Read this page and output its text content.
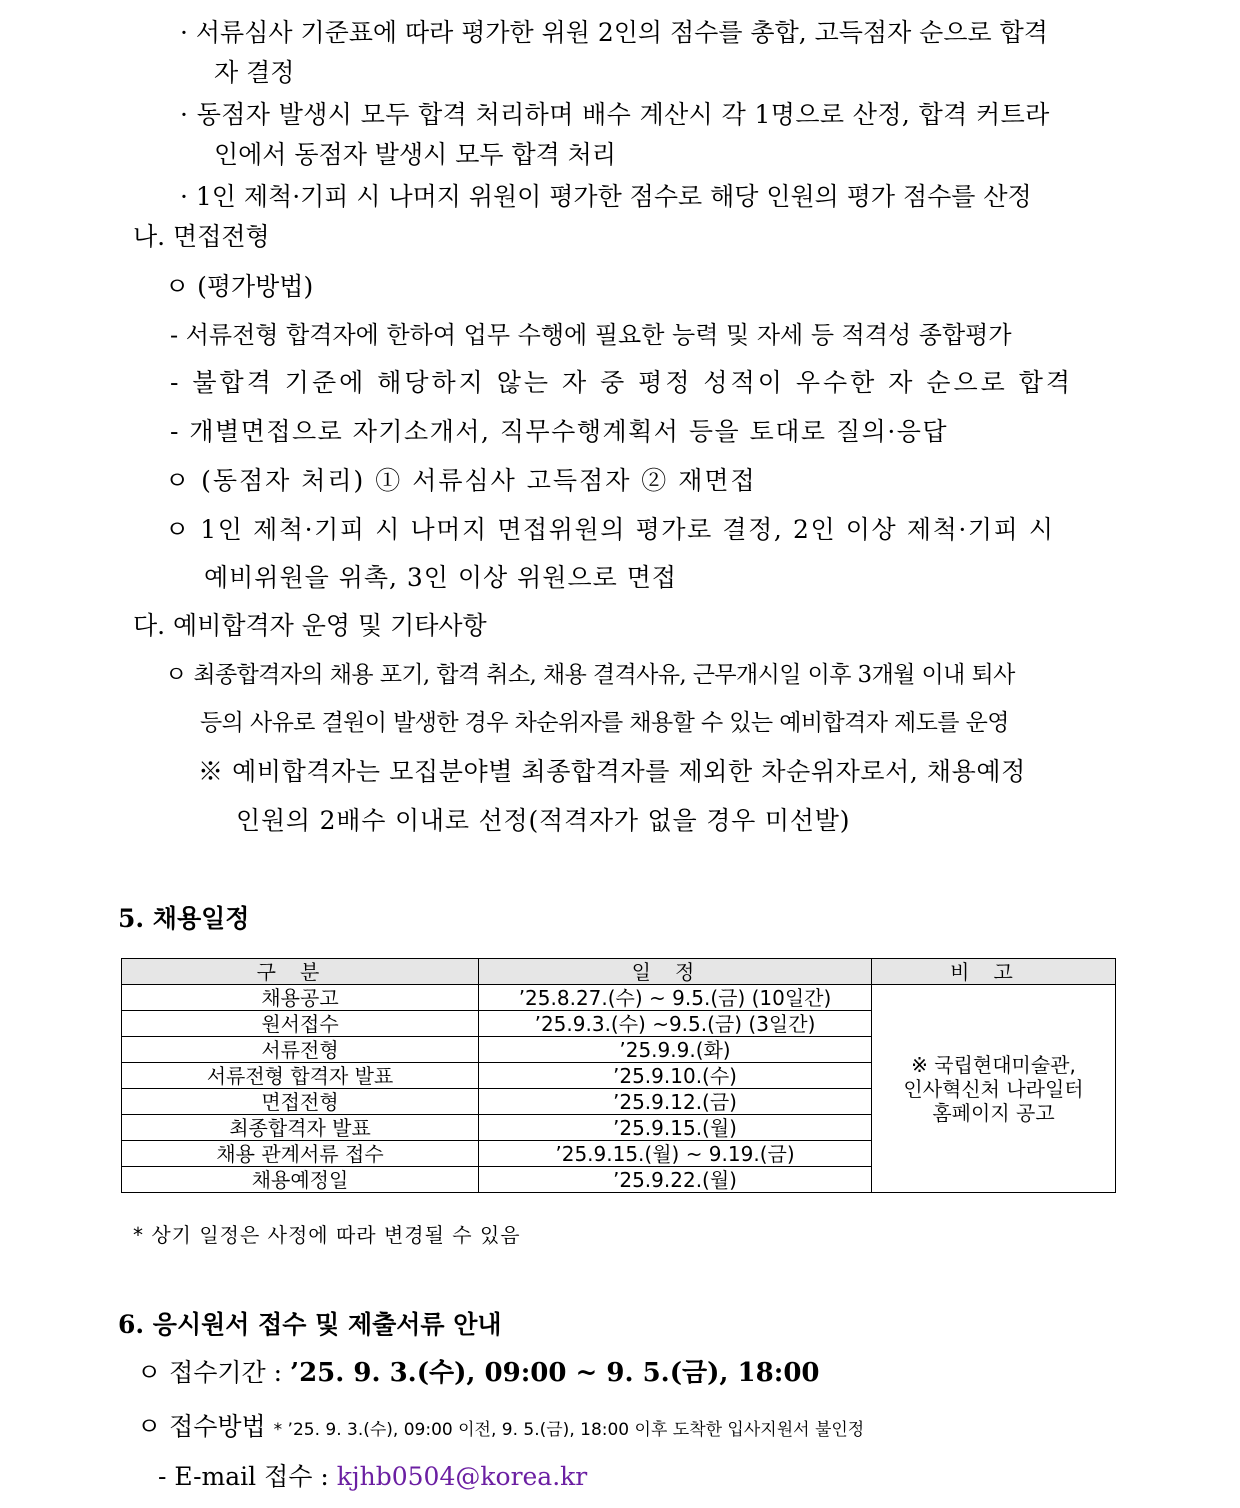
· 서류심사 기준표에 따라 평가한 위원 2인의 점수를 총합, 고득점자 순으로 합격
자 결정
· 동점자 발생시 모두 합격 처리하며 배수 계산시 각 1명으로 산정, 합격 커트라
인에서 동점자 발생시 모두 합격 처리
· 1인 제척·기피 시 나머지 위원이 평가한 점수로 해당 인원의 평가 점수를 산정
나. 면접전형
ㅇ (평가방법)
- 서류전형 합격자에 한하여 업무 수행에 필요한 능력 및 자세 등 적격성 종합평가
- 불합격 기준에 해당하지 않는 자 중 평정 성적이 우수한 자 순으로 합격
- 개별면접으로 자기소개서, 직무수행계획서 등을 토대로 질의·응답
ㅇ (동점자 처리) ① 서류심사 고득점자 ② 재면접
ㅇ 1인 제척·기피 시 나머지 면접위원의 평가로 결정, 2인 이상 제척·기피 시
예비위원을 위촉, 3인 이상 위원으로 면접
다. 예비합격자 운영 및 기타사항
ㅇ 최종합격자의 채용 포기, 합격 취소, 채용 결격사유, 근무개시일 이후 3개월 이내 퇴사
등의 사유로 결원이 발생한 경우 차순위자를 채용할 수 있는 예비합격자 제도를 운영
※ 예비합격자는 모집분야별 최종합격자를 제외한 차순위자로서, 채용예정
인원의 2배수 이내로 선정(적격자가 없을 경우 미선발)
5. 채용일정
구분	일정	비고
채용공고	’25.8.27.(수) ~ 9.5.(금) (10일간)	※ 국립현대미술관,
인사혁신처 나라일터
홈페이지 공고

원서접수	’25.9.3.(수) ~9.5.(금) (3일간)	
서류전형	’25.9.9.(화)	
서류전형 합격자 발표	’25.9.10.(수)	
면접전형	’25.9.12.(금)	
최종합격자 발표	’25.9.15.(월)	
채용 관계서류 접수	’25.9.15.(월) ~ 9.19.(금)	
채용예정일	’25.9.22.(월)	
* 상기 일정은 사정에 따라 변경될 수 있음
6. 응시원서 접수 및 제출서류 안내
ㅇ 접수기간 : ’25. 9. 3.(수), 09:00 ~ 9. 5.(금), 18:00
ㅇ 접수방법 * ’25. 9. 3.(수), 09:00 이전, 9. 5.(금), 18:00 이후 도착한 입사지원서 불인정
- E-mail 접수 : kjhb0504@korea.kr
